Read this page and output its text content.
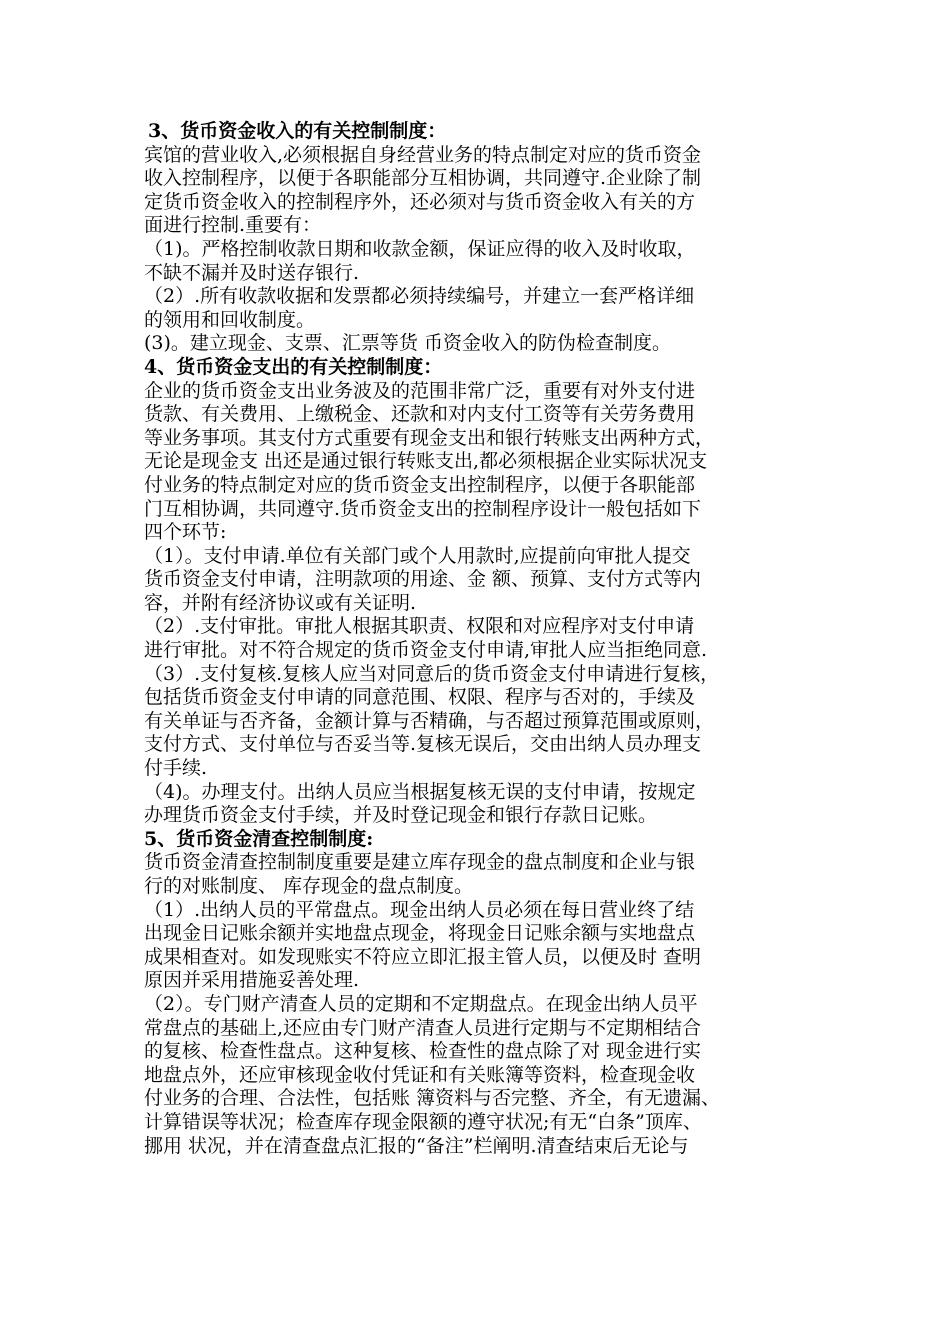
3、货币资金收入的有关控制制度：
宾馆的营业收入,必须根据自身经营业务的特点制定对应的货币资金
收入控制程序，以便于各职能部分互相协调，共同遵守.企业除了制
定货币资金收入的控制程序外，还必须对与货币资金收入有关的方
面进行控制.重要有：
（1)。严格控制收款日期和收款金额，保证应得的收入及时收取，
不缺不漏并及时送存银行.
（2）.所有收款收据和发票都必须持续编号，并建立一套严格详细
的领用和回收制度。
(3)。建立现金、支票、汇票等货 币资金收入的防伪检查制度。
4、货币资金支出的有关控制制度：
企业的货币资金支出业务波及的范围非常广泛，重要有对外支付进
货款、有关费用、上缴税金、还款和对内支付工资等有关劳务费用
等业务事项。其支付方式重要有现金支出和银行转账支出两种方式，
无论是现金支 出还是通过银行转账支出,都必须根据企业实际状况支
付业务的特点制定对应的货币资金支出控制程序，以便于各职能部
门互相协调，共同遵守.货币资金支出的控制程序设计一般包括如下
四个环节:
（1）。支付申请.单位有关部门或个人用款时,应提前向审批人提交
货币资金支付申请，注明款项的用途、金 额、预算、支付方式等内
容，并附有经济协议或有关证明.
（2）.支付审批。审批人根据其职责、权限和对应程序对支付申请
进行审批。对不符合规定的货币资金支付申请,审批人应当拒绝同意.
（3）.支付复核.复核人应当对同意后的货币资金支付申请进行复核，
包括货币资金支付申请的同意范围、权限、程序与否对的，手续及
有关单证与否齐备，金额计算与否精确，与否超过预算范围或原则，
支付方式、支付单位与否妥当等.复核无误后，交由出纳人员办理支
付手续.
（4)。办理支付。出纳人员应当根据复核无误的支付申请，按规定
办理货币资金支付手续，并及时登记现金和银行存款日记账。
5、货币资金清查控制制度:
货币资金清查控制制度重要是建立库存现金的盘点制度和企业与银
行的对账制度、 库存现金的盘点制度。
（1）.出纳人员的平常盘点。现金出纳人员必须在每日营业终了结
出现金日记账余额并实地盘点现金，将现金日记账余额与实地盘点
成果相查对。如发现账实不符应立即汇报主管人员，以便及时 查明
原因并采用措施妥善处理.
（2）。专门财产清查人员的定期和不定期盘点。在现金出纳人员平
常盘点的基础上,还应由专门财产清查人员进行定期与不定期相结合
的复核、检查性盘点。这种复核、检查性的盘点除了对 现金进行实
地盘点外，还应审核现金收付凭证和有关账簿等资料，检查现金收
付业务的合理、合法性，包括账 簿资料与否完整、齐全，有无遗漏、
计算错误等状况；检查库存现金限额的遵守状况;有无“白条”顶库、
挪用 状况，并在清查盘点汇报的“备注”栏阐明.清查结束后无论与
